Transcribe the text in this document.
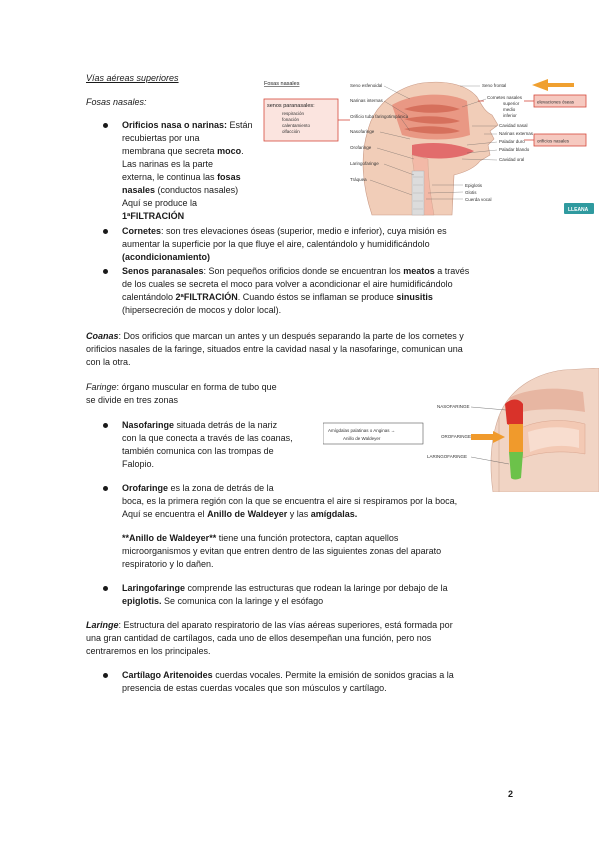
Vías aéreas superiores

Fosas nasales:

Orificios nasa o narinas: Están

recubiertas por una

membrana que secreta moco.

Las narinas es la parte

externa, le continua las fosas

nasales (conductos nasales)

Aquí se produce la

1ªFILTRACIÓN

Fosas nasales
senos paranasales:
respiración
fonación
calentamiento
olfacción
Seno esfenoidal
Narinas internas
Orificio tuba faringotimpánica
Nasofaringe
Orofaringe
Laringofaringe
Tráquea
Seno frontal
Cornetes nasales
superior
medio
inferior
Cavidad nasal
Narinas externas
Paladar duro
Paladar blando
Cavidad oral
Epiglotis
Glotis
Cuerda vocal
elevaciones óseas
orificios nasales
LLEANA

Cornetes: son tres elevaciones óseas (superior, medio e inferior), cuya misión es

aumentar la superficie por la que fluye el aire, calentándolo y humidificándolo

(acondicionamiento)

Senos paranasales: Son pequeños orificios donde se encuentran los meatos a través

de los cuales se secreta el moco para volver a acondicionar el aire humidificándolo

calentándolo 2ªFILTRACIÓN. Cuando éstos se inflaman se produce sinusitis

(hipersecreción de mocos y dolor local).

Coanas: Dos orificios que marcan un antes y un después separando la parte de los cornetes y

orificios nasales de la faringe, situados entre la cavidad nasal y la nasofaringe, comunican una

con la otra.

Faringe: órgano muscular en forma de tubo que

se divide en tres zonas

NASOFARINGE
OROFARINGE
LARINGOFARINGE
Amígdalas palatinas o Anginas →
Anillo de Waldeyer

Nasofaringe situada detrás de la nariz

con la que conecta a través de las coanas,

también comunica con las trompas de

Falopio.

Orofaringe es la zona de detrás de la

boca, es la primera región con la que se encuentra el aire si respiramos por la boca,

Aquí se encuentra el Anillo de Waldeyer y las amígdalas.

**Anillo de Waldeyer** tiene una función protectora, captan aquellos

microorganismos y evitan que entren dentro de las siguientes zonas del aparato

respiratorio y lo dañen.

Laringofaringe comprende las estructuras que rodean la laringe por debajo de la

epiglotis. Se comunica con la laringe y el esófago

Laringe: Estructura del aparato respiratorio de las vías aéreas superiores, está formada por

una gran cantidad de cartílagos, cada uno de ellos desempeñan una función, pero nos

centraremos en los principales.

Cartílago Aritenoides cuerdas vocales. Permite la emisión de sonidos gracias a la

presencia de estas cuerdas vocales que son músculos y cartílago.

2
